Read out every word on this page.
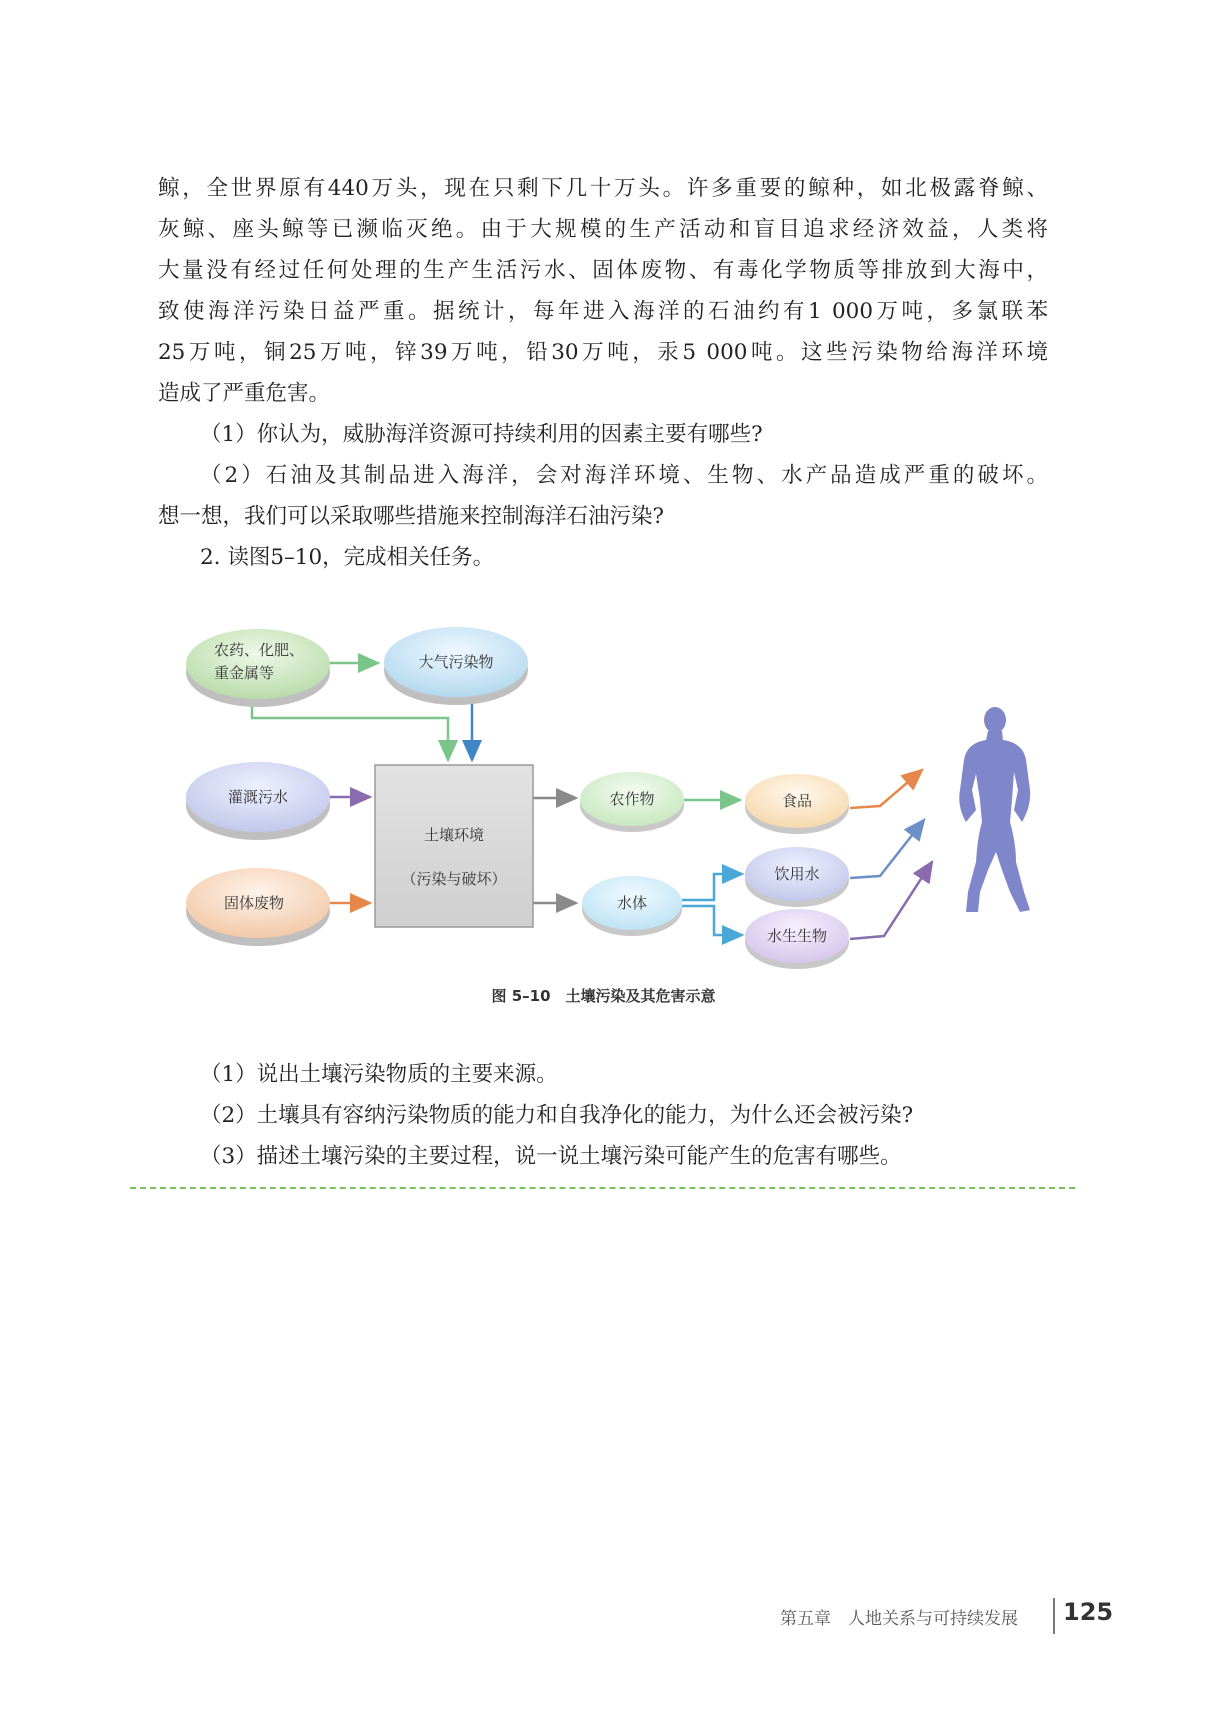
鲸，全世界原有440万头，现在只剩下几十万头。许多重要的鲸种，如北极露脊鲸、
灰鲸、座头鲸等已濒临灭绝。由于大规模的生产活动和盲目追求经济效益，人类将
大量没有经过任何处理的生产生活污水、固体废物、有毒化学物质等排放到大海中，
致使海洋污染日益严重。据统计，每年进入海洋的石油约有1 000万吨，多氯联苯
25万吨，铜25万吨，锌39万吨，铅30万吨，汞5 000吨。这些污染物给海洋环境
造成了严重危害。
（1）你认为，威胁海洋资源可持续利用的因素主要有哪些?
（2）石油及其制品进入海洋，会对海洋环境、生物、水产品造成严重的破坏。
想一想，我们可以采取哪些措施来控制海洋石油污染?
2. 读图5–10，完成相关任务。
农药、化肥、
重金属等
大气污染物
灌溉污水
固体废物
土壤环境
（污染与破坏）
农作物	食品
水体
饮用水
水生生物
图 5–10　土壤污染及其危害示意
（1）说出土壤污染物质的主要来源。
（2）土壤具有容纳污染物质的能力和自我净化的能力，为什么还会被污染?
（3）描述土壤污染的主要过程，说一说土壤污染可能产生的危害有哪些。
第五章　人地关系与可持续发展 125
